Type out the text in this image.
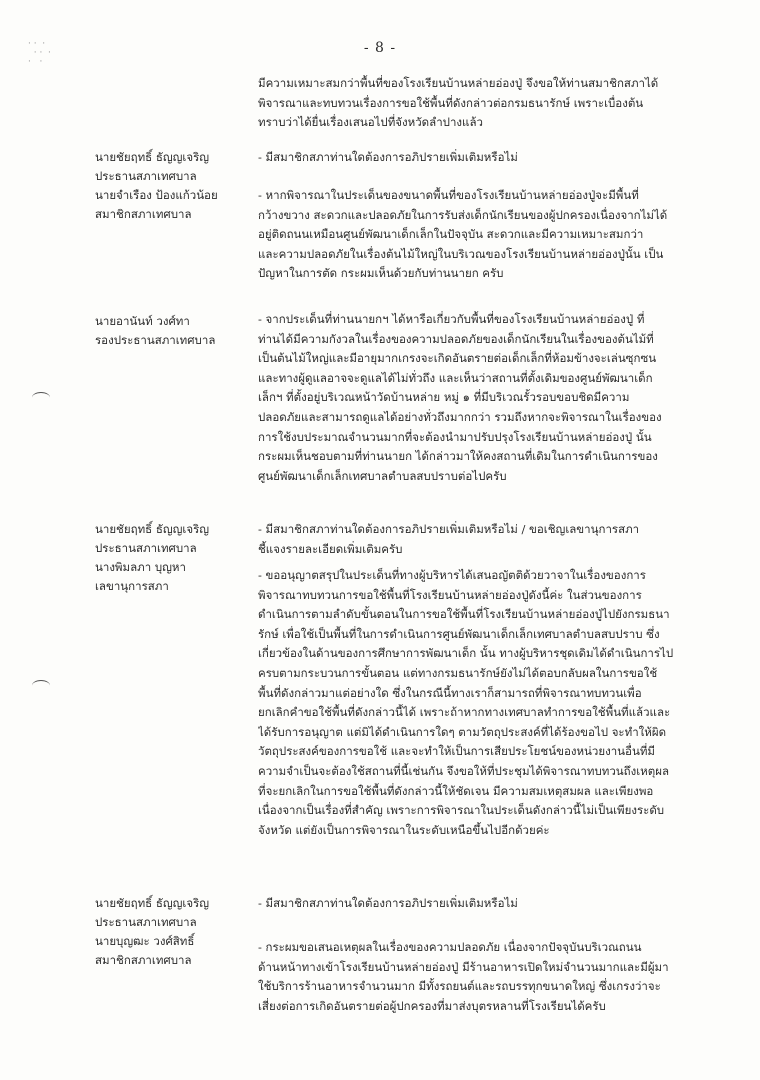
- 8 -
· ·  ·
· ·  ·
·   ·
นายชัยฤทธิ์ ธัญญเจริญ
ประธานสภาเทศบาล
นายจำเรือง ป้องแก้วน้อย
สมาชิกสภาเทศบาล
นายอานันท์ วงศ์ทา
รองประธานสภาเทศบาล
นายชัยฤทธิ์ ธัญญเจริญ
ประธานสภาเทศบาล
นางพิมลภา บุญหา
เลขานุการสภา
นายชัยฤทธิ์ ธัญญเจริญ
ประธานสภาเทศบาล
นายบุญฒะ วงศ์สิทธิ์
สมาชิกสภาเทศบาล
มีความเหมาะสมกว่าพื้นที่ของโรงเรียนบ้านหล่ายอ่องปู่ จึงขอให้ท่านสมาชิกสภาได้
พิจารณาและทบทวนเรื่องการขอใช้พื้นที่ดังกล่าวต่อกรมธนารักษ์ เพราะเบื่องต้น
ทราบว่าได้ยื่นเรื่องเสนอไปที่จังหวัดลำปางแล้ว
- มีสมาชิกสภาท่านใดต้องการอภิปรายเพิ่มเติมหรือไม่
- หากพิจารณาในประเด็นของขนาดพื้นที่ของโรงเรียนบ้านหล่ายอ่องปู่จะมีพื้นที่
กว้างขวาง สะดวกและปลอดภัยในการรับส่งเด็กนักเรียนของผู้ปกครองเนื่องจากไม่ได้
อยู่ติดถนนเหมือนศูนย์พัฒนาเด็กเล็กในปัจจุบัน สะดวกและมีความเหมาะสมกว่า
และความปลอดภัยในเรื่องต้นไม้ใหญ่ในบริเวณของโรงเรียนบ้านหล่ายอ่องปู่นั้น เป็น
ปัญหาในการตัด กระผมเห็นด้วยกับท่านนายก ครับ
- จากประเด็นที่ท่านนายกฯ ได้หารือเกี่ยวกับพื้นที่ของโรงเรียนบ้านหล่ายอ่องปู่ ที่
ท่านได้มีความกังวลในเรื่องของความปลอดภัยของเด็กนักเรียนในเรื่องของต้นไม้ที่
เป็นต้นไม้ใหญ่และมีอายุมากเกรงจะเกิดอันตรายต่อเด็กเล็กที่ห้อมข้างจะเล่นซุกซน
และทางผู้ดูแลอาจจะดูแลได้ไม่ทั่วถึง และเห็นว่าสถานที่ตั้งเดิมของศูนย์พัฒนาเด็ก
เล็กฯ ที่ตั้งอยู่บริเวณหน้าวัดบ้านหล่าย หมู่ ๑ ที่มีบริเวณรั้วรอบขอบชิดมีความ
ปลอดภัยและสามารถดูแลได้อย่างทั่วถึงมากกว่า รวมถึงหากจะพิจารณาในเรื่องของ
การใช้งบประมาณจำนวนมากที่จะต้องนำมาปรับปรุงโรงเรียนบ้านหล่ายอ่องปู่ นั้น
กระผมเห็นชอบตามที่ท่านนายก ได้กล่าวมาให้คงสถานที่เดิมในการดำเนินการของ
ศูนย์พัฒนาเด็กเล็กเทศบาลตำบลสบปราบต่อไปครับ
- มีสมาชิกสภาท่านใดต้องการอภิปรายเพิ่มเติมหรือไม่ / ขอเชิญเลขานุการสภา
ชี้แจงรายละเอียดเพิ่มเติมครับ
- ขออนุญาตสรุปในประเด็นที่ทางผู้บริหารได้เสนอญัตติด้วยวาจาในเรื่องของการ
พิจารณาทบทวนการขอใช้พื้นที่โรงเรียนบ้านหล่ายอ่องปู่ดังนี้ค่ะ ในส่วนของการ
ดำเนินการตามลำดับขั้นตอนในการขอใช้พื้นที่โรงเรียนบ้านหล่ายอ่องปู่ไปยังกรมธนา
รักษ์ เพื่อใช้เป็นพื้นที่ในการดำเนินการศูนย์พัฒนาเด็กเล็กเทศบาลตำบลสบปราบ ซึ่ง
เกี่ยวข้องในด้านของการศึกษาการพัฒนาเด็ก นั้น ทางผู้บริหารชุดเดิมได้ดำเนินการไป
ครบตามกระบวนการขั้นตอน แต่ทางกรมธนารักษ์ยังไม่ได้ตอบกลับผลในการขอใช้
พื้นที่ดังกล่าวมาแต่อย่างใด ซึ่งในกรณีนี้ทางเราก็สามารถที่พิจารณาทบทวนเพื่อ
ยกเลิกคำขอใช้พื้นที่ดังกล่าวนี้ได้ เพราะถ้าหากทางเทศบาลทำการขอใช้พื้นที่แล้วและ
ได้รับการอนุญาต แต่มิได้ดำเนินการใดๆ ตามวัตถุประสงค์ที่ได้ร้องขอไป จะทำให้ผิด
วัตถุประสงค์ของการขอใช้ และจะทำให้เป็นการเสียประโยชน์ของหน่วยงานอื่นที่มี
ความจำเป็นจะต้องใช้สถานที่นี้เช่นกัน จึงขอให้ที่ประชุมได้พิจารณาทบทวนถึงเหตุผล
ที่จะยกเลิกในการขอใช้พื้นที่ดังกล่าวนี้ให้ชัดเจน มีความสมเหตุสมผล และเพียงพอ
เนื่องจากเป็นเรื่องที่สำคัญ เพราะการพิจารณาในประเด็นดังกล่าวนี้ไม่เป็นเพียงระดับ
จังหวัด แต่ยังเป็นการพิจารณาในระดับเหนือขึ้นไปอีกด้วยค่ะ
- มีสมาชิกสภาท่านใดต้องการอภิปรายเพิ่มเติมหรือไม่
- กระผมขอเสนอเหตุผลในเรื่องของความปลอดภัย เนื่องจากปัจจุบันบริเวณถนน
ด้านหน้าทางเข้าโรงเรียนบ้านหล่ายอ่องปู่ มีร้านอาหารเปิดใหม่จำนวนมากและมีผู้มา
ใช้บริการร้านอาหารจำนวนมาก มีทั้งรถยนต์และรถบรรทุกขนาดใหญ่ ซึ่งเกรงว่าจะ
เสี่ยงต่อการเกิดอันตรายต่อผู้ปกครองที่มาส่งบุตรหลานที่โรงเรียนได้ครับ
